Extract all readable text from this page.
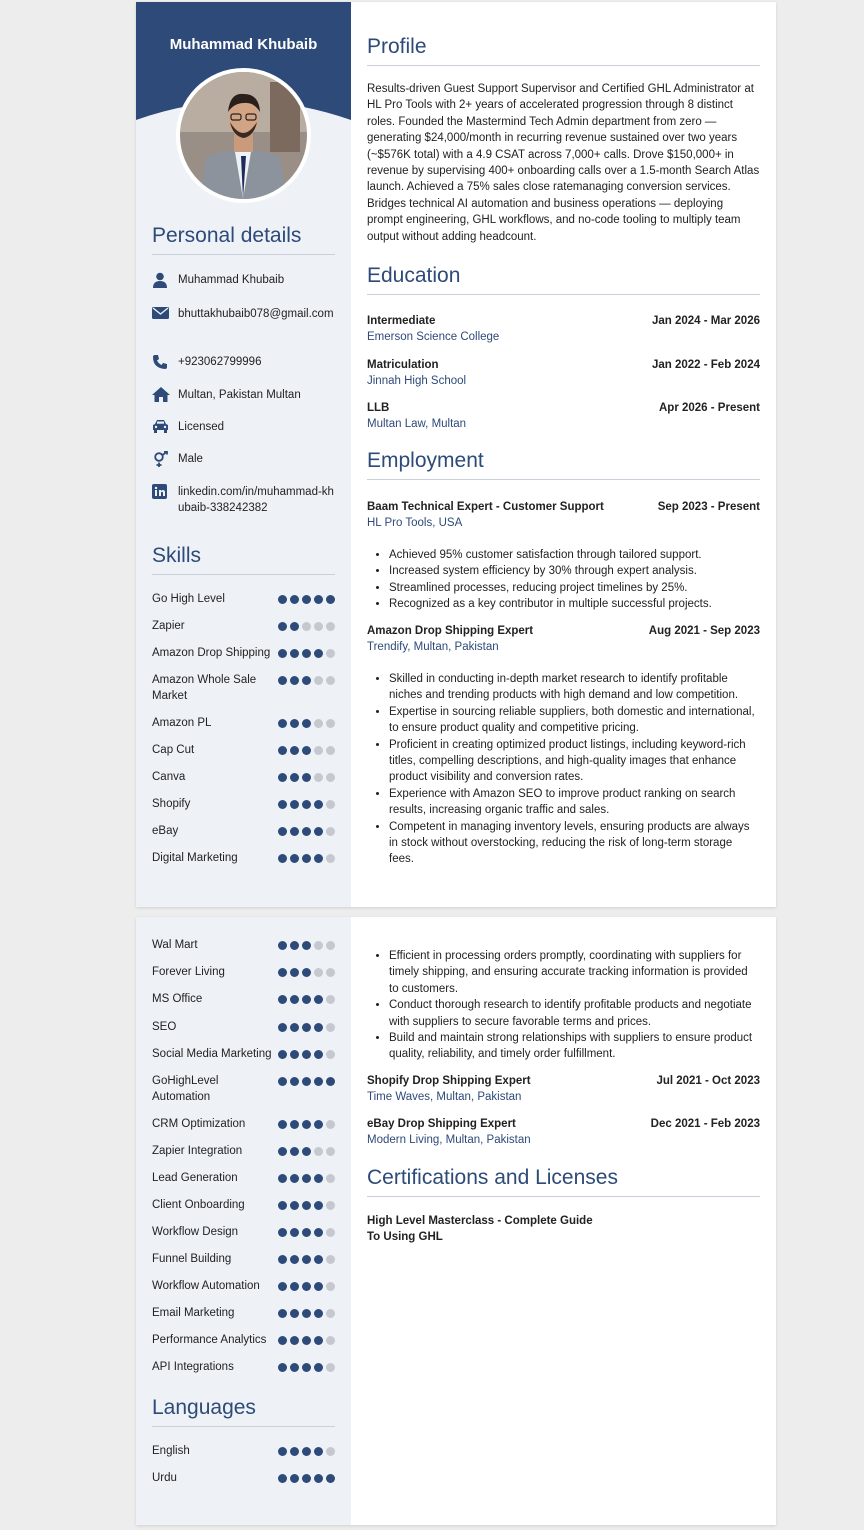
Muhammad Khubaib
Personal details
Muhammad Khubaib
bhuttakhubaib078@gmail.com
+923062799996
Multan, Pakistan Multan
Licensed
Male
linkedin.com/in/muhammad-khubaib-338242382
Skills
Go High Level
Zapier
Amazon Drop Shipping
Amazon Whole Sale Market
Amazon PL
Cap Cut
Canva
Shopify
eBay
Digital Marketing
Profile
Results-driven Guest Support Supervisor and Certified GHL Administrator at HL Pro Tools with 2+ years of accelerated progression through 8 distinct roles. Founded the Mastermind Tech Admin department from zero — generating $24,000/month in recurring revenue sustained over two years (~$576K total) with a 4.9 CSAT across 7,000+ calls. Drove $150,000+ in revenue by supervising 400+ onboarding calls over a 1.5-month Search Atlas launch. Achieved a 75% sales close ratemanaging conversion services. Bridges technical AI automation and business operations — deploying prompt engineering, GHL workflows, and no-code tooling to multiply team output without adding headcount.
Education
Intermediate	Jan 2024 - Mar 2026
Emerson Science College
Matriculation	Jan 2022 - Feb 2024
Jinnah High School
LLB	Apr 2026 - Present
Multan Law, Multan
Employment
Baam Technical Expert - Customer Support	Sep 2023 - Present
HL Pro Tools, USA
• Achieved 95% customer satisfaction through tailored support.
• Increased system efficiency by 30% through expert analysis.
• Streamlined processes, reducing project timelines by 25%.
• Recognized as a key contributor in multiple successful projects.
Amazon Drop Shipping Expert	Aug 2021 - Sep 2023
Trendify, Multan, Pakistan
• Skilled in conducting in-depth market research to identify profitable niches and trending products with high demand and low competition.
• Expertise in sourcing reliable suppliers, both domestic and international, to ensure product quality and competitive pricing.
• Proficient in creating optimized product listings, including keyword-rich titles, compelling descriptions, and high-quality images that enhance product visibility and conversion rates.
• Experience with Amazon SEO to improve product ranking on search results, increasing organic traffic and sales.
• Competent in managing inventory levels, ensuring products are always in stock without overstocking, reducing the risk of long-term storage fees.
Wal Mart
Forever Living
MS Office
SEO
Social Media Marketing
GoHighLevel Automation
CRM Optimization
Zapier Integration
Lead Generation
Client Onboarding
Workflow Design
Funnel Building
Workflow Automation
Email Marketing
Performance Analytics
API Integrations
Languages
English
Urdu
• Efficient in processing orders promptly, coordinating with suppliers for timely shipping, and ensuring accurate tracking information is provided to customers.
• Conduct thorough research to identify profitable products and negotiate with suppliers to secure favorable terms and prices.
• Build and maintain strong relationships with suppliers to ensure product quality, reliability, and timely order fulfillment.
Shopify Drop Shipping Expert	Jul 2021 - Oct 2023
Time Waves, Multan, Pakistan
eBay Drop Shipping Expert	Dec 2021 - Feb 2023
Modern Living, Multan, Pakistan
Certifications and Licenses
High Level Masterclass - Complete Guide To Using GHL
